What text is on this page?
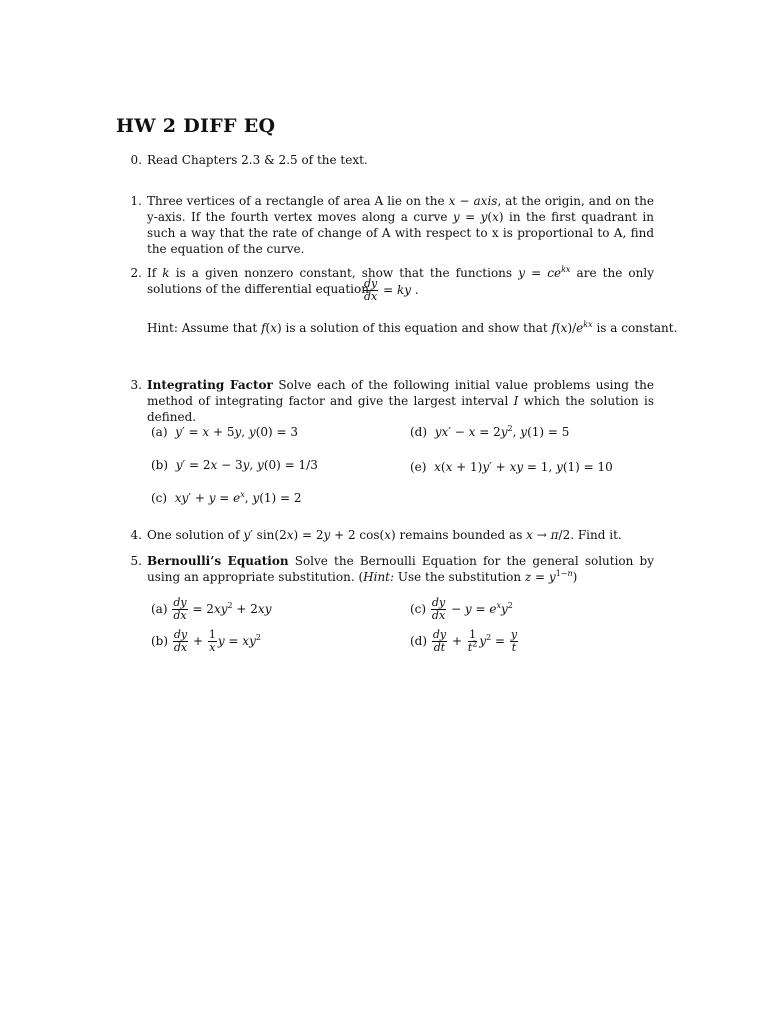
HW 2 DIFF EQ
0. Read Chapters 2.3 & 2.5 of the text.
1. Three vertices of a rectangle of area A lie on the x − axis, at the origin, and on the y-axis. If the fourth vertex moves along a curve y = y(x) in the first quadrant in such a way that the rate of change of A with respect to x is proportional to A, find the equation of the curve.
2. If k is a given nonzero constant, show that the functions $y = ce^{kx}$ are the only solutions of the differential equation
$\frac{dy}{dx}$ = ky .
Hint: Assume that f(x) is a solution of this equation and show that $f(x)/e^{kx}$ is a constant.
3. Integrating Factor Solve each of the following initial value problems using the method of integrating factor and give the largest interval I which the solution is defined.
(a) y′ = x + 5y, y(0) = 3
(b) y′ = 2x − 3y, y(0) = 1/3
(c) $xy' + y = e^x$, y(1) = 2
(d) $yx' - x = 2y^2$, y(1) = 5
(e) x(x + 1)y′ + xy = 1, y(1) = 10
4. One solution of y′ sin(2x) = 2y + 2 cos(x) remains bounded as x → π/2. Find it.
5. Bernoulli’s Equation Solve the Bernoulli Equation for the general solution by using an appropriate substitution. (Hint: Use the substitution $z = y^{1-n}$)
$(a) \frac{dy}{dx} = 2xy^2 + 2xy$
$(b) \frac{dy}{dx} + \frac{1}{x}$ $y = xy^2$
$(c) \frac{dy}{dx} - y = e^xy^2$
$(d) \frac{dy}{dt} + \frac{1}{t^2} y^2 = \frac{y}{t}$
